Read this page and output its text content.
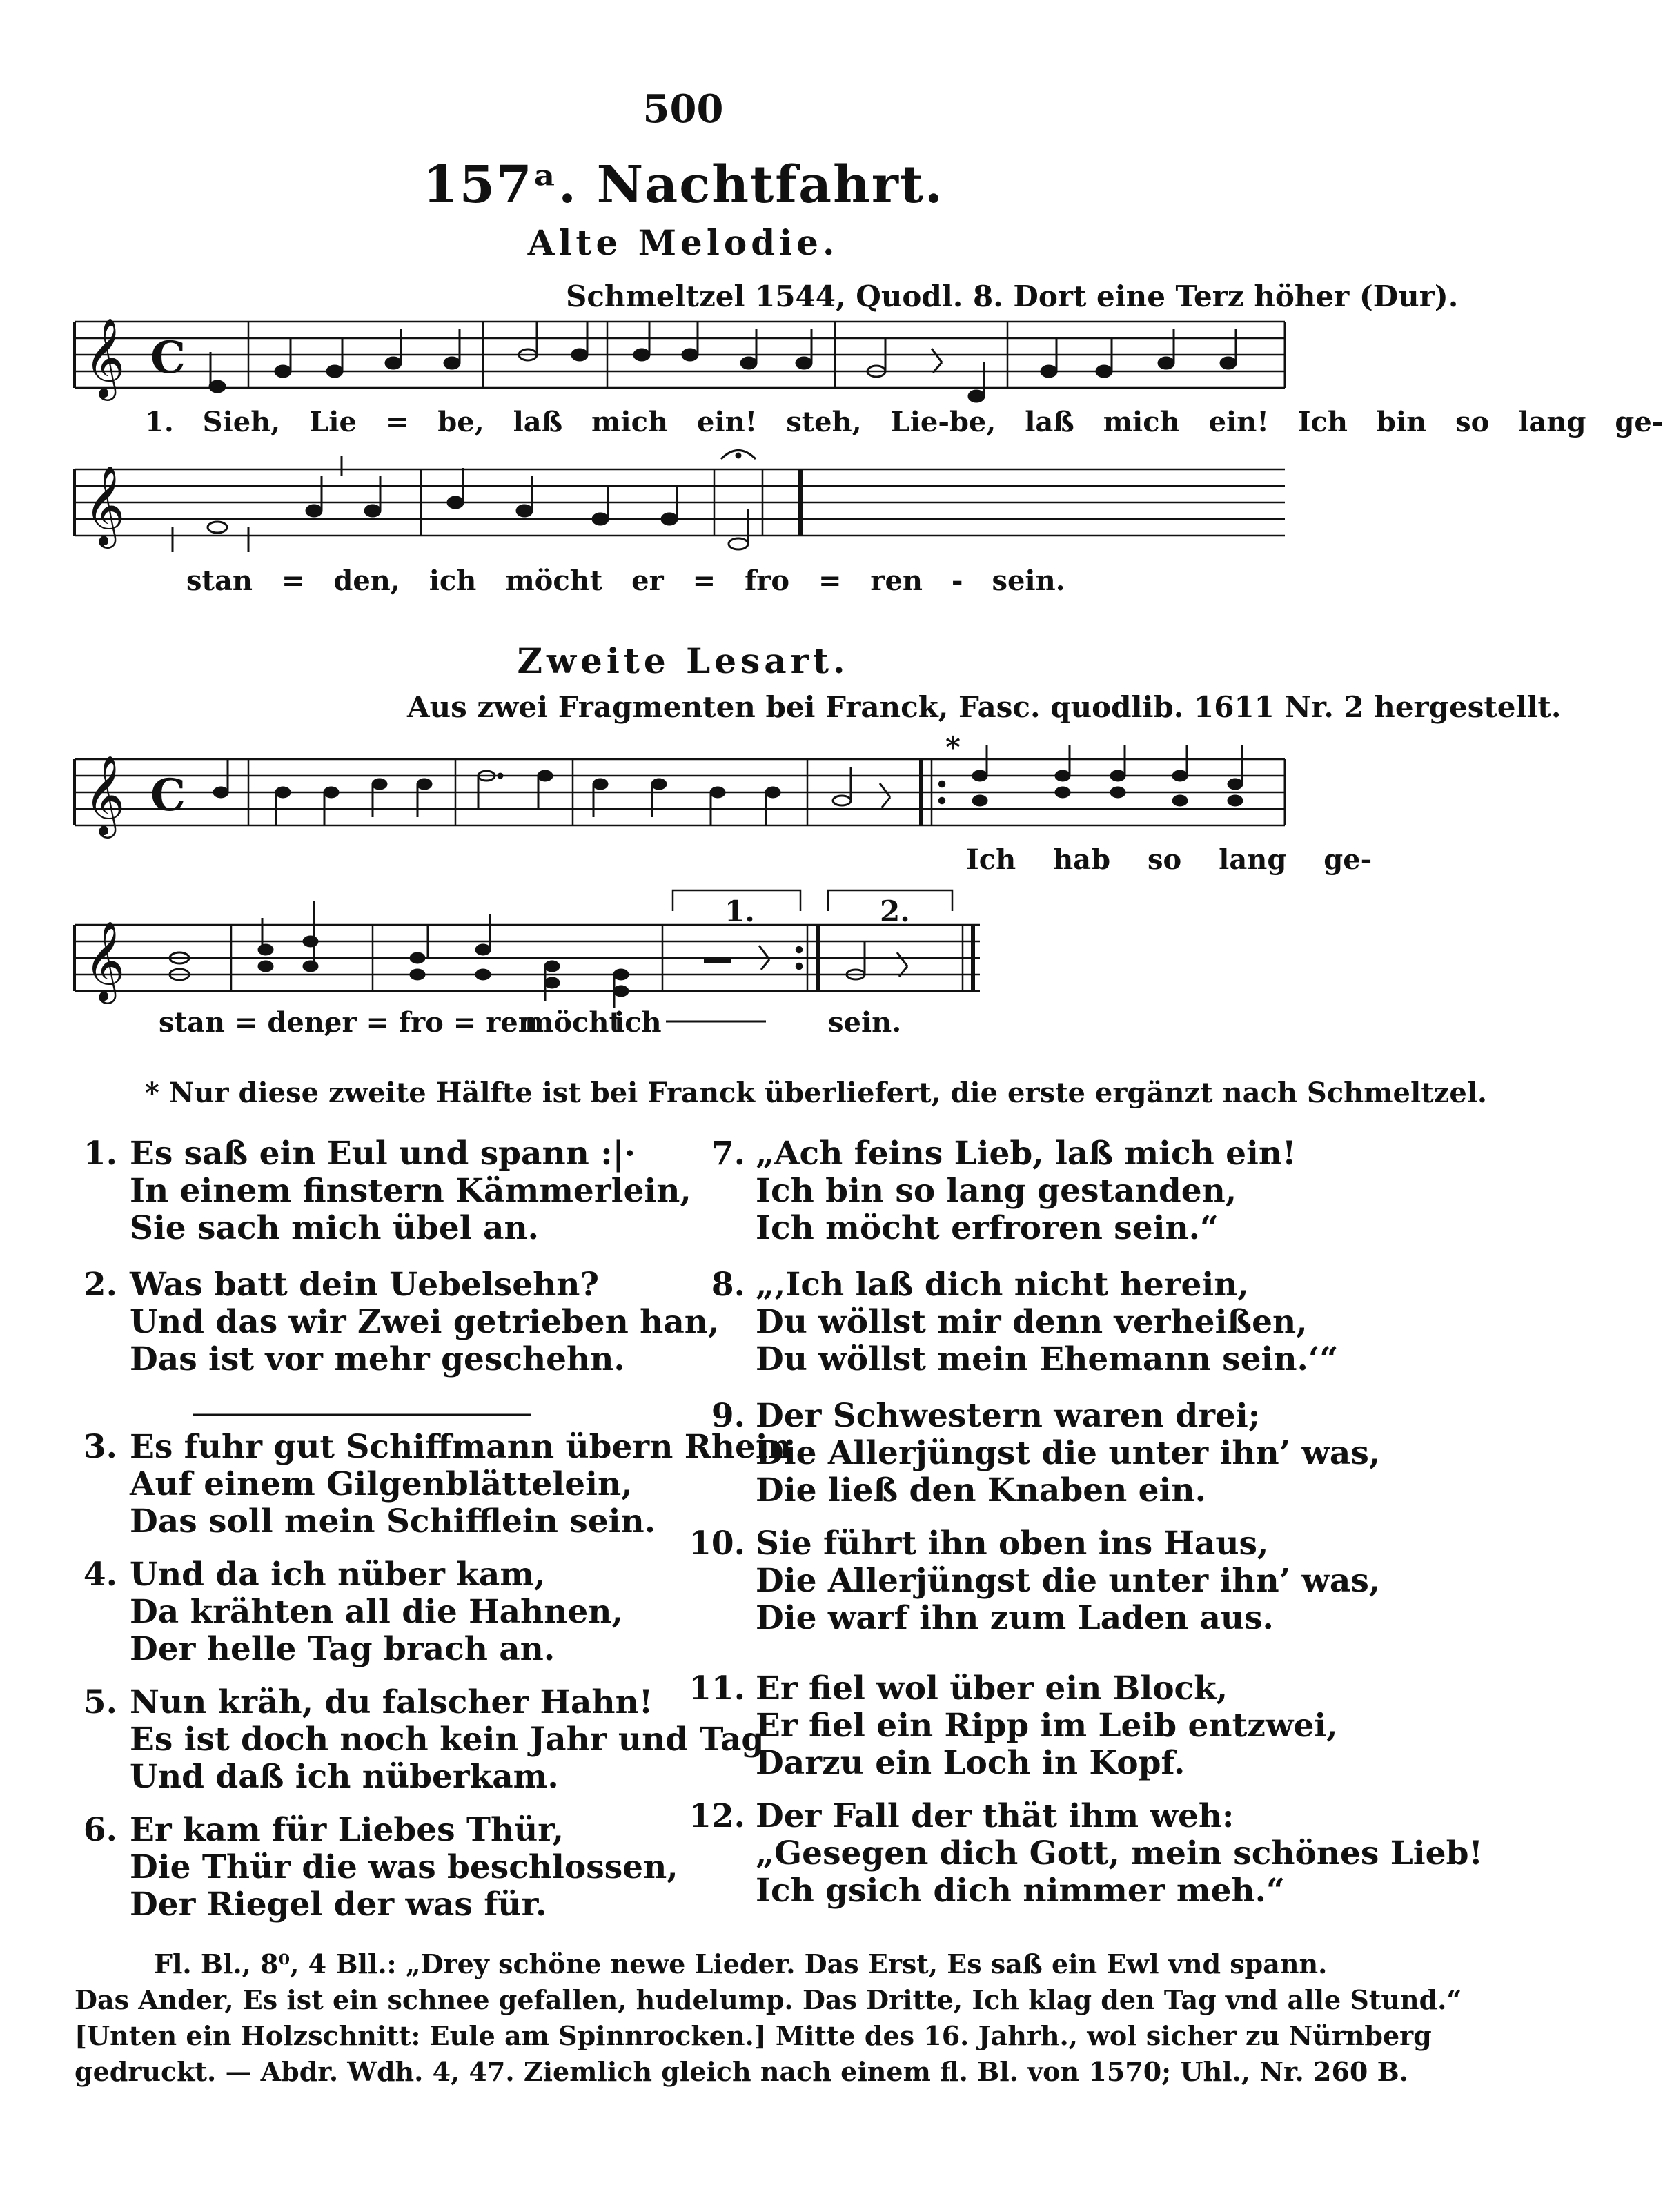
500
157ᵃ. Nachtfahrt.
Alte Melodie.
Schmeltzel 1544, Quodl. 8. Dort eine Terz höher (Dur).
𝄞 C
𝄞
𝄞 C
𝄞
1. Sieh, Lie = be, laß mich ein! steh, Lie-be, laß mich ein! Ich bin so lang ge-
stan = den, ich möcht er = fro = ren - sein.
Zweite Lesart.
Aus zwei Fragmenten bei Franck, Fasc. quodlib. 1611 Nr. 2 hergestellt.
*
Ich hab so lang ge-
1.	2.
stan = den,
er = fro = ren
möcht
ich	sein.
* Nur diese zweite Hälfte ist bei Franck überliefert, die erste ergänzt nach Schmeltzel.
1. Es saß ein Eul und spann :|·
In einem finstern Kämmerlein,
Sie sach mich übel an.
2. Was batt dein Uebelsehn?
Und das wir Zwei getrieben han,
Das ist vor mehr geschehn.
3. Es fuhr gut Schiffmann übern Rhein
Auf einem Gilgenblättelein,
Das soll mein Schifflein sein.
4. Und da ich nüber kam,
Da krähten all die Hahnen,
Der helle Tag brach an.
5. Nun kräh, du falscher Hahn!
Es ist doch noch kein Jahr und Tag
Und daß ich nüberkam.
6. Er kam für Liebes Thür,
Die Thür die was beschlossen,
Der Riegel der was für.
7. „Ach feins Lieb, laß mich ein!
Ich bin so lang gestanden,
Ich möcht erfroren sein.“
8. „‚Ich laß dich nicht herein,
Du wöllst mir denn verheißen,
Du wöllst mein Ehemann sein.‘“
9. Der Schwestern waren drei;
Die Allerjüngst die unter ihn’ was,
Die ließ den Knaben ein.
10. Sie führt ihn oben ins Haus,
Die Allerjüngst die unter ihn’ was,
Die warf ihn zum Laden aus.
11. Er fiel wol über ein Block,
Er fiel ein Ripp im Leib entzwei,
Darzu ein Loch in Kopf.
12. Der Fall der thät ihm weh:
„Gesegen dich Gott, mein schönes Lieb!
Ich gsich dich nimmer meh.“
Fl. Bl., 8⁰, 4 Bll.: „Drey schöne newe Lieder. Das Erst, Es saß ein Ewl vnd spann.
Das Ander, Es ist ein schnee gefallen, hudelump. Das Dritte, Ich klag den Tag vnd alle Stund.“
[Unten ein Holzschnitt: Eule am Spinnrocken.] Mitte des 16. Jahrh., wol sicher zu Nürnberg
gedruckt. — Abdr. Wdh. 4, 47. Ziemlich gleich nach einem fl. Bl. von 1570; Uhl., Nr. 260 B.
